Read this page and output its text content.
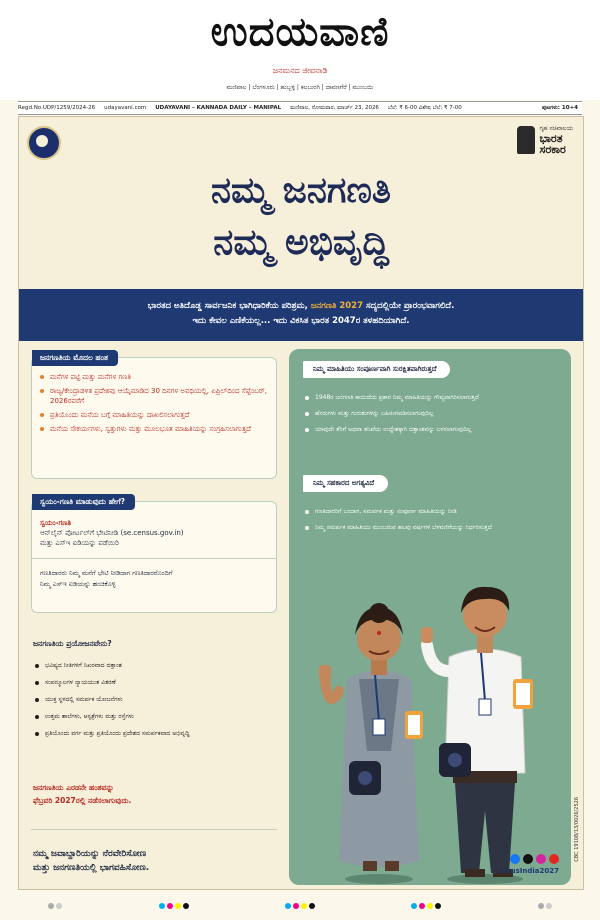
ಉದಯವಾಣಿ
ಜನಮನದ ಜೀವನಾಡಿ
ಮಣಿಪಾಲ | ಬೆಂಗಳೂರು | ಹುಬ್ಬಳ್ಳಿ | ಕಲಬುರಗಿ | ದಾವಣಗೆರೆ | ಮುಂಬಯಿ
Regd.No.UDP/1259/2024-26 udayavani.com UDAYAVANI – KANNADA DAILY – MANIPAL ಮಣಿಪಾಲ, ಸೋಮವಾರ, ಮಾರ್ಚ್ 23, 2026 ಬೆಲೆ: ₹ 6-00 ವಿಶೇಷ ಬೆಲೆ: ₹ 7-00	ಪುಟಗಳು: 10+4
ಗೃಹ ಸಚಿವಾಲಯ
ಭಾರತ
ಸರಕಾರ
ನಮ್ಮ ಜನಗಣತಿ
ನಮ್ಮ ಅಭಿವೃದ್ಧಿ
ಭಾರತದ ಅತಿದೊಡ್ಡ ಸಾರ್ವಜನಿಕ ಭಾಗಿಧಾರಿಕೆಯ ಪರಿಶ್ರಮ, ಜನಗಣತಿ 2027 ಸದ್ಯದಲ್ಲಿಯೇ ಪ್ರಾರಂಭವಾಗಲಿದೆ.
ಇದು ಕೇವಲ ಎಣಿಕೆಯಲ್ಲ... ಇದು ವಿಕಸಿತ ಭಾರತ 2047ರ ತಳಹದಿಯಾಗಿದೆ.
ಜನಗಣತಿಯ ಮೊದಲ ಹಂತ
ಮನೆಗಳ ಪಟ್ಟಿ ಮತ್ತು ಮನೆಗಳ ಗಣತಿ
ರಾಜ್ಯ/ಕೇಂದ್ರಾಡಳಿತ ಪ್ರದೇಶವು ಆಯ್ಕೆಮಾಡಿದ 30 ದಿನಗಳ ಅವಧಿಯಲ್ಲಿ, ಏಪ್ರಿಲ್‌ದಿಂದ ಸೆಪ್ಟೆಂಬರ್, 2026ರವರೆಗೆ
ಪ್ರತಿಯೊಂದು ಮನೆಯ ಬಗ್ಗೆ ಮಾಹಿತಿಯನ್ನು ದಾಖಲಿಸಲಾಗುತ್ತದೆ
ಮನೆಯ ಸೌಕರ್ಯಗಳು, ಸ್ವತ್ತುಗಳು ಮತ್ತು ಮೂಲಭೂತ ಮಾಹಿತಿಯನ್ನು ಸಂಗ್ರಹಿಸಲಾಗುತ್ತದೆ
ಸ್ವಯಂ-ಗಣತಿ ಮಾಡುವುದು ಹೇಗೆ?
ಸ್ವಯಂ-ಗಣತಿ
ಆನ್‌ಲೈನ್ ಪೋರ್ಟಲ್‌ಗೆ ಭೇಟಿನೀಡಿ (se.census.gov.in)
ಮತ್ತು ಎಸ್‌ಇ ಐಡಿಯನ್ನು ಪಡೆಯಿರಿ
ಗಣತಿದಾರರು ನಿಮ್ಮ ಮನೆಗೆ ಭೇಟಿ ನೀಡಿದಾಗ ಗಣತಿದಾರರೊಂದಿಗೆ
ನಿಮ್ಮ ಎಸ್‌ಇ ಐಡಿಯನ್ನು ಹಂಚಿಕೊಳ್ಳಿ
ಜನಗಣತಿಯ ಪ್ರಯೋಜನವೇನು?
ಭವಿಷ್ಯದ ನೀತಿಗಳಿಗೆ ನಿಖರವಾದ ದತ್ತಾಂಶ
ಸಂಪನ್ಮೂಲಗಳ ನ್ಯಾಯಯುತ ವಿತರಣೆ
ಯುಕ್ತ ಸ್ಥಳದಲ್ಲಿ ಸಮರ್ಪಕ ಯೋಜನೆಗಳು
ಉತ್ತಮ ಶಾಲೆಗಳು, ಆಸ್ಪತ್ರೆಗಳು ಮತ್ತು ರಸ್ತೆಗಳು
ಪ್ರತಿಯೊಂದು ವರ್ಗ ಮತ್ತು ಪ್ರತಿಯೊಂದು ಪ್ರದೇಶದ ಸಮರ್ಪಕವಾದ ಅಭಿವೃದ್ಧಿ
ಜನಗಣತಿಯ ಎರಡನೇ ಹಂತವನ್ನು
ಫೆಬ್ರವರಿ 2027ರಲ್ಲಿ ನಡೆಸಲಾಗುವುದು.
ನಮ್ಮ ಜವಾಬ್ದಾರಿಯನ್ನು ನೆರವೇರಿಸೋಣ
ಮತ್ತು ಜನಗಣತಿಯಲ್ಲಿ ಭಾಗವಹಿಸೋಣ.
ನಿಮ್ಮ ಮಾಹಿತಿಯು ಸಂಪೂರ್ಣವಾಗಿ ಸುರಕ್ಷಿತವಾಗಿರುತ್ತದೆ
1948ರ ಜನಗಣತಿ ಕಾಯಿದೆಯ ಪ್ರಕಾರ ನಿಮ್ಮ ಮಾಹಿತಿಯನ್ನು ಗೌಪ್ಯವಾಗಿರಿಸಲಾಗುತ್ತದೆ
ಹೆಸರುಗಳು ಮತ್ತು ಗುರುತುಗಳನ್ನು ಬಹಿರಂಗಪಡಿಸಲಾಗುವುದಿಲ್ಲ
ಯಾವುದೇ ತೆರಿಗೆ ಅಥವಾ ತನಿಖೆಯ ಉದ್ದೇಶಕ್ಕಾಗಿ ದತ್ತಾಂಶವನ್ನು ಬಳಸಲಾಗುವುದಿಲ್ಲ
ನಿಮ್ಮ ಸಹಕಾರದ ಅಗತ್ಯವಿದೆ
ಗಣತಿದಾರರಿಗೆ ಬಂದಾಗ, ಸಮರ್ಪಕ ಮತ್ತು ಸಂಪೂರ್ಣ ಮಾಹಿತಿಯನ್ನು ನೀಡಿ
ನಿಮ್ಮ ಸಮರ್ಪಕ ಮಾಹಿತಿಯು ಮುಂಬರುವ ಹಲವು ವರ್ಷಗಳ ಬೆಳವಣಿಗೆಯನ್ನು ನಿರ್ಧರಿಸುತ್ತದೆ
CensusIndia2027
CBC 19108/13/0026/2526
